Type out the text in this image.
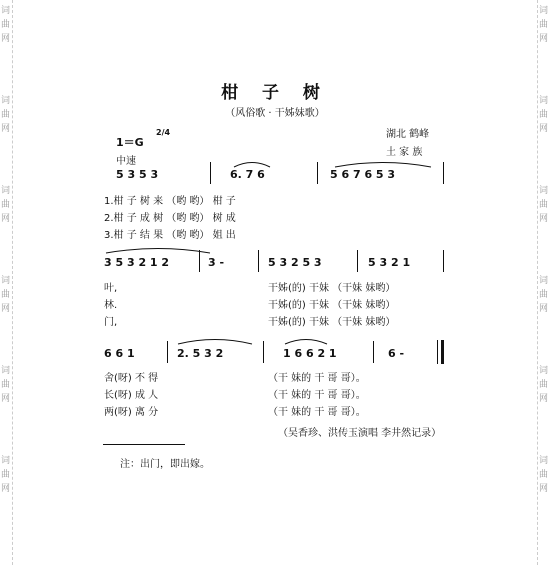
词
曲
网
词
曲
网
词
曲
网
词
曲
网
词
曲
网
词
曲
网
词
曲
网
词
曲
网
词
曲
网
词
曲
网
词
曲
网
词
曲
网
柑 子 树
（风俗歌 · 干姊妹歌）
湖北 鹤峰
土 家 族
1＝G
2/4
中速
5 3 5 3	6. 7 6	5 6 7 6 5 3
1.柑 子 树 来 （哟 哟） 柑 子
2.柑 子 成 树 （哟 哟） 树 成
3.柑 子 结 果 （哟 哟） 姐 出
3 5 3 2 1 2	3 -	5 3 2 5 3	5 3 2 1
叶,	干姊(的) 干妹 （干妹 妹哟）
林.	干姊(的) 干妹 （干妹 妹哟）
门,	干姊(的) 干妹 （干妹 妹哟）
6 6 1	2. 5 3 2	1 6 6 2 1	6 -
舍(呀) 不 得	（干 妹的 干 哥 哥）。
长(呀) 成 人	（干 妹的 干 哥 哥）。
两(呀) 离 分	（干 妹的 干 哥 哥）。
（吴香珍、洪传玉演唱 李井然记录）
注：出门，即出嫁。
